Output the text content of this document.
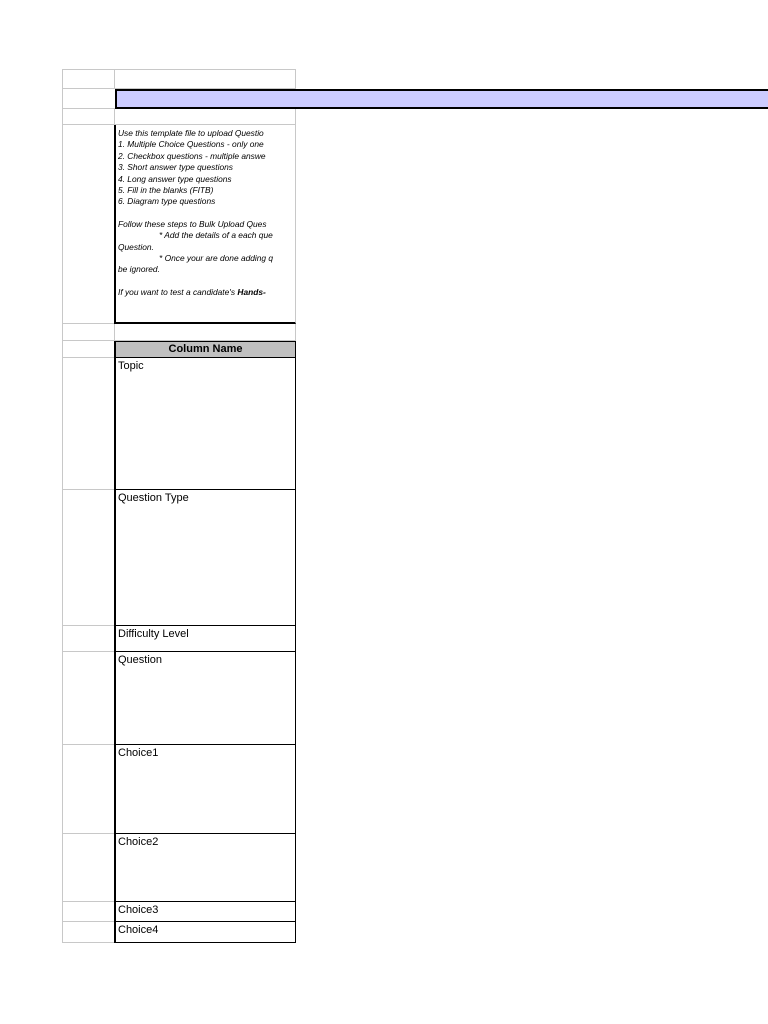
Use this template file to upload Questio
1. Multiple Choice Questions - only one
2. Checkbox questions - multiple answe
3. Short answer type questions
4. Long answer type questions
5. Fill in the blanks (FITB)
6. Diagram type questions
Follow these steps to Bulk Upload Ques
* Add the details of a each que
Question.
* Once your are done adding q
be ignored.
If you want to test a candidate's Hands-
Column Name
Topic
Question Type
Difficulty Level
Question
Choice1
Choice2
Choice3
Choice4
